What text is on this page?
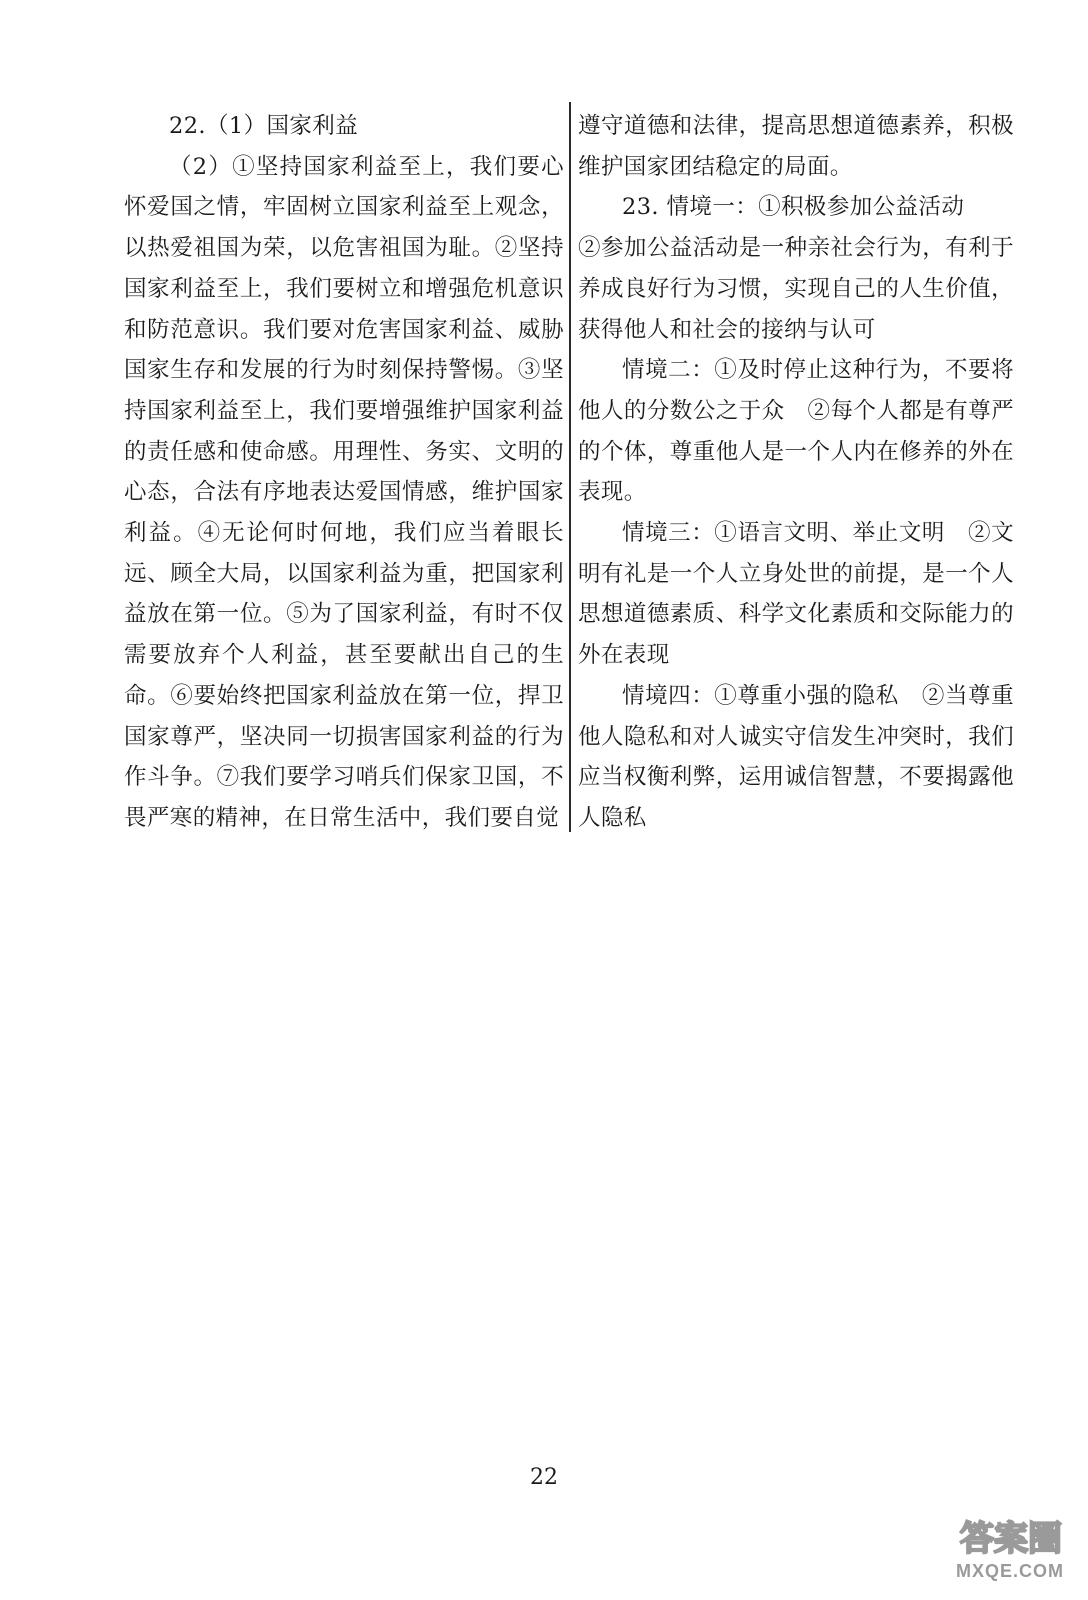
22.（1）国家利益

（2）①坚持国家利益至上，我们要心怀爱国之情，牢固树立国家利益至上观念，以热爱祖国为荣，以危害祖国为耻。②坚持国家利益至上，我们要树立和增强危机意识和防范意识。我们要对危害国家利益、威胁国家生存和发展的行为时刻保持警惕。③坚持国家利益至上，我们要增强维护国家利益的责任感和使命感。用理性、务实、文明的心态，合法有序地表达爱国情感，维护国家利益。④无论何时何地，我们应当着眼长远、顾全大局，以国家利益为重，把国家利益放在第一位。⑤为了国家利益，有时不仅需要放弃个人利益，甚至要献出自己的生命。⑥要始终把国家利益放在第一位，捍卫国家尊严，坚决同一切损害国家利益的行为作斗争。⑦我们要学习哨兵们保家卫国，不畏严寒的精神，在日常生活中，我们要自觉

遵守道德和法律，提高思想道德素养，积极维护国家团结稳定的局面。

23. 情境一：①积极参加公益活动

②参加公益活动是一种亲社会行为，有利于养成良好行为习惯，实现自己的人生价值，获得他人和社会的接纳与认可

情境二：①及时停止这种行为，不要将他人的分数公之于众　②每个人都是有尊严的个体，尊重他人是一个人内在修养的外在表现。

情境三：①语言文明、举止文明　②文明有礼是一个人立身处世的前提，是一个人思想道德素质、科学文化素质和交际能力的外在表现

情境四：①尊重小强的隐私　②当尊重他人隐私和对人诚实守信发生冲突时，我们应当权衡利弊，运用诚信智慧，不要揭露他人隐私

22
答案圈
MXQE.COM
